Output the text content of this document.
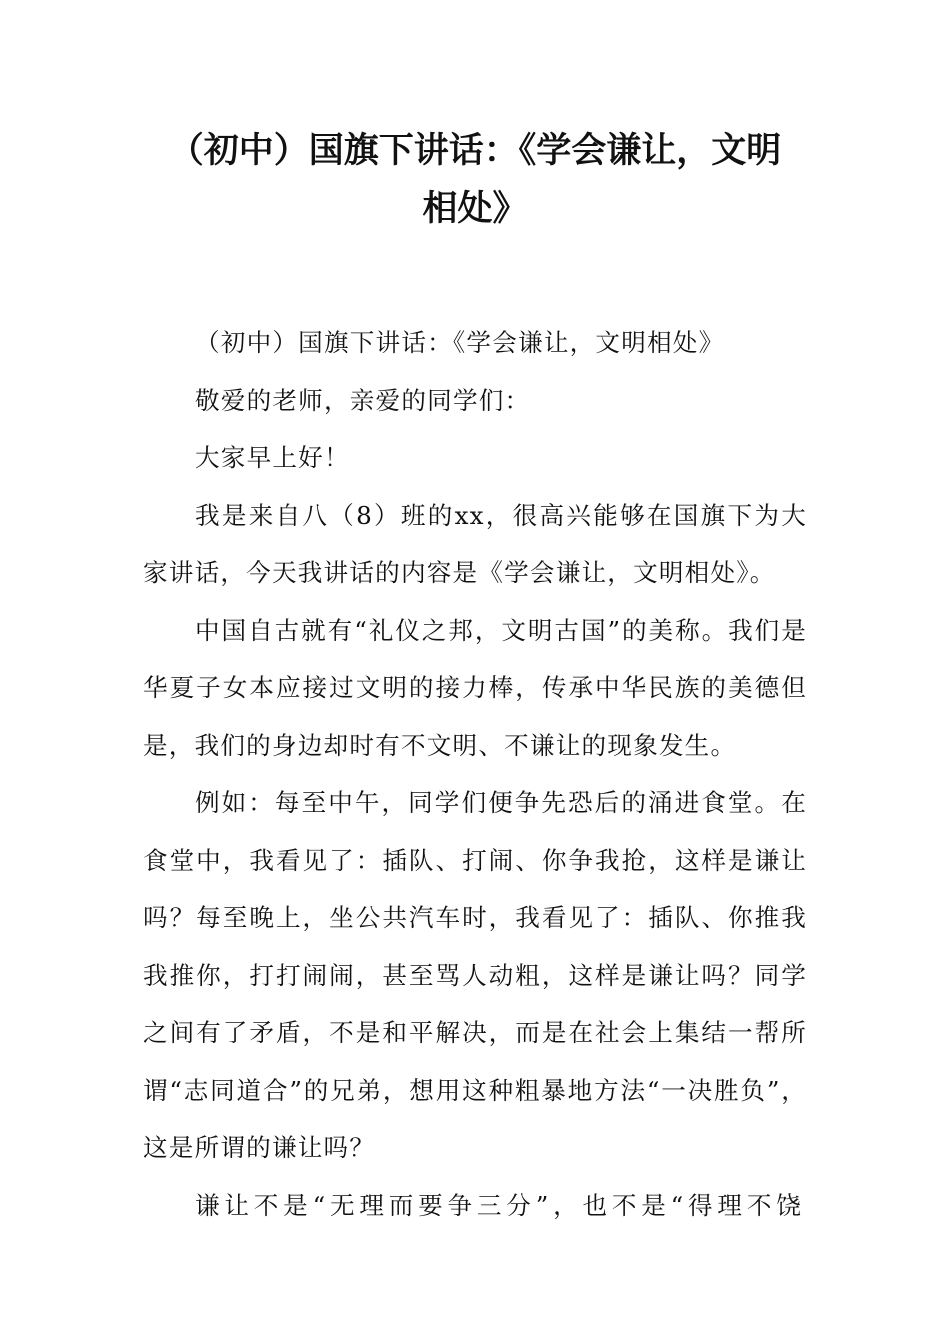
（初中）国旗下讲话：《学会谦让，文明
相处》

（初中）国旗下讲话：《学会谦让，文明相处》

敬爱的老师，亲爱的同学们：

大家早上好！

我是来自八（8）班的xx，很高兴能够在国旗下为大家讲话，今天我讲话的内容是《学会谦让，文明相处》。

中国自古就有“礼仪之邦，文明古国”的美称。我们是华夏子女本应接过文明的接力棒，传承中华民族的美德但是，我们的身边却时有不文明、不谦让的现象发生。

例如：每至中午，同学们便争先恐后的涌进食堂。在食堂中，我看见了：插队、打闹、你争我抢，这样是谦让吗？每至晚上，坐公共汽车时，我看见了：插队、你推我我推你，打打闹闹，甚至骂人动粗，这样是谦让吗？同学之间有了矛盾，不是和平解决，而是在社会上集结一帮所谓“志同道合”的兄弟，想用这种粗暴地方法“一决胜负”，这是所谓的谦让吗？

谦让不是“无理而要争三分”，也不是“得理不饶
